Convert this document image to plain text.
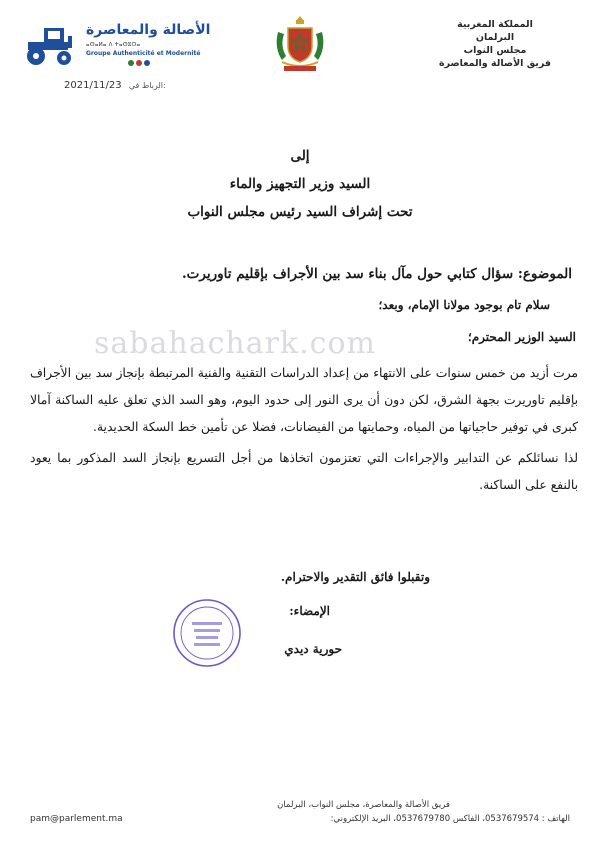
المملكة المغربية
البرلمان
مجلس النواب
فريق الأصالة والمعاصرة
الأصالة والمعاصرة
ⴰⵙⴰⵍⴰ ⴷ ⵜⴰⵙⵓⵔⴰ
Groupe Authenticité et Modernité
2021/11/23 الرباط في:
إلى
السيد وزير التجهيز والماء
تحت إشراف السيد رئيس مجلس النواب
sabahachark.com
الموضوع: سؤال كتابي حول مآل بناء سد بين الأجراف بإقليم تاوريرت.
سلام تام بوجود مولانا الإمام، وبعد؛
السيد الوزير المحترم؛

مرت أزيد من خمس سنوات على الانتهاء من إعداد الدراسات التقنية والفنية المرتبطة بإنجاز سد بين الأجراف بإقليم تاوريرت بجهة الشرق، لكن دون أن يرى النور إلى حدود اليوم، وهو السد الذي تعلق عليه الساكنة آمالا كبرى في توفير حاجياتها من المياه، وحمايتها من الفيضانات، فضلا عن تأمين خط السكة الحديدية.

لذا نسائلكم عن التدابير والإجراءات التي تعتزمون اتخاذها من أجل التسريع بإنجاز السد المذكور بما يعود بالنفع على الساكنة.

وتقبلوا فائق التقدير والاحترام.
الإمضاء:
حورية ديدي
فريق الأصالة والمعاصرة، مجلس النواب، البرلمان
pam@parlement.ma	الهاتف : 0537679574، الفاكس 0537679780، البريد الإلكتروني:
